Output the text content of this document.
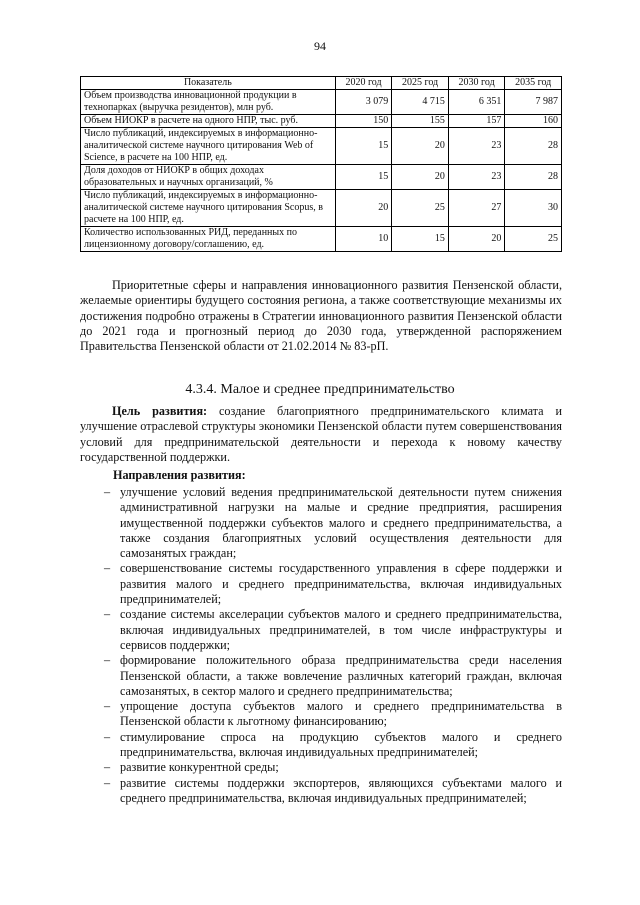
94
Показатель	2020 год	2025 год	2030 год	2035 год
Объем производства инновационной продукции в технопарках (выручка резидентов), млн руб.	3 079	4 715	6 351	7 987
Объем НИОКР в расчете на одного НПР, тыс. руб.	150	155	157	160
Число публикаций, индексируемых в информационно-аналитической системе научного цитирования Web of Science, в расчете на 100 НПР, ед.	15	20	23	28
Доля доходов от НИОКР в общих доходах образовательных и научных организаций, %	15	20	23	28
Число публикаций, индексируемых в информационно-аналитической системе научного цитирования Scopus, в расчете на 100 НПР, ед.	20	25	27	30
Количество использованных РИД, переданных по лицензионному договору/соглашению, ед.	10	15	20	25

Приоритетные сферы и направления инновационного развития Пензенской области, желаемые ориентиры будущего состояния региона, а также соответствующие механизмы их достижения подробно отражены в Стратегии инновационного развития Пензенской области до 2021 года и прогнозный период до 2030 года, утвержденной распоряжением Правительства Пензенской области от 21.02.2014 № 83-рП.

4.3.4. Малое и среднее предпринимательство

Цель развития: создание благоприятного предпринимательского климата и улучшение отраслевой структуры экономики Пензенской области путем совершенствования условий для предпринимательской деятельности и перехода к новому качеству государственной поддержки.

Направления развития:
– улучшение условий ведения предпринимательской деятельности путем снижения административной нагрузки на малые и средние предприятия, расширения имущественной поддержки субъектов малого и среднего предпринимательства, а также создания благоприятных условий осуществления деятельности для самозанятых граждан;
– совершенствование системы государственного управления в сфере поддержки и развития малого и среднего предпринимательства, включая индивидуальных предпринимателей;
– создание системы акселерации субъектов малого и среднего предпринимательства, включая индивидуальных предпринимателей, в том числе инфраструктуры и сервисов поддержки;
– формирование положительного образа предпринимательства среди населения Пензенской области, а также вовлечение различных категорий граждан, включая самозанятых, в сектор малого и среднего предпринимательства;
– упрощение доступа субъектов малого и среднего предпринимательства в Пензенской области к льготному финансированию;
– стимулирование спроса на продукцию субъектов малого и среднего предпринимательства, включая индивидуальных предпринимателей;
– развитие конкурентной среды;
– развитие системы поддержки экспортеров, являющихся субъектами малого и среднего предпринимательства, включая индивидуальных предпринимателей;
